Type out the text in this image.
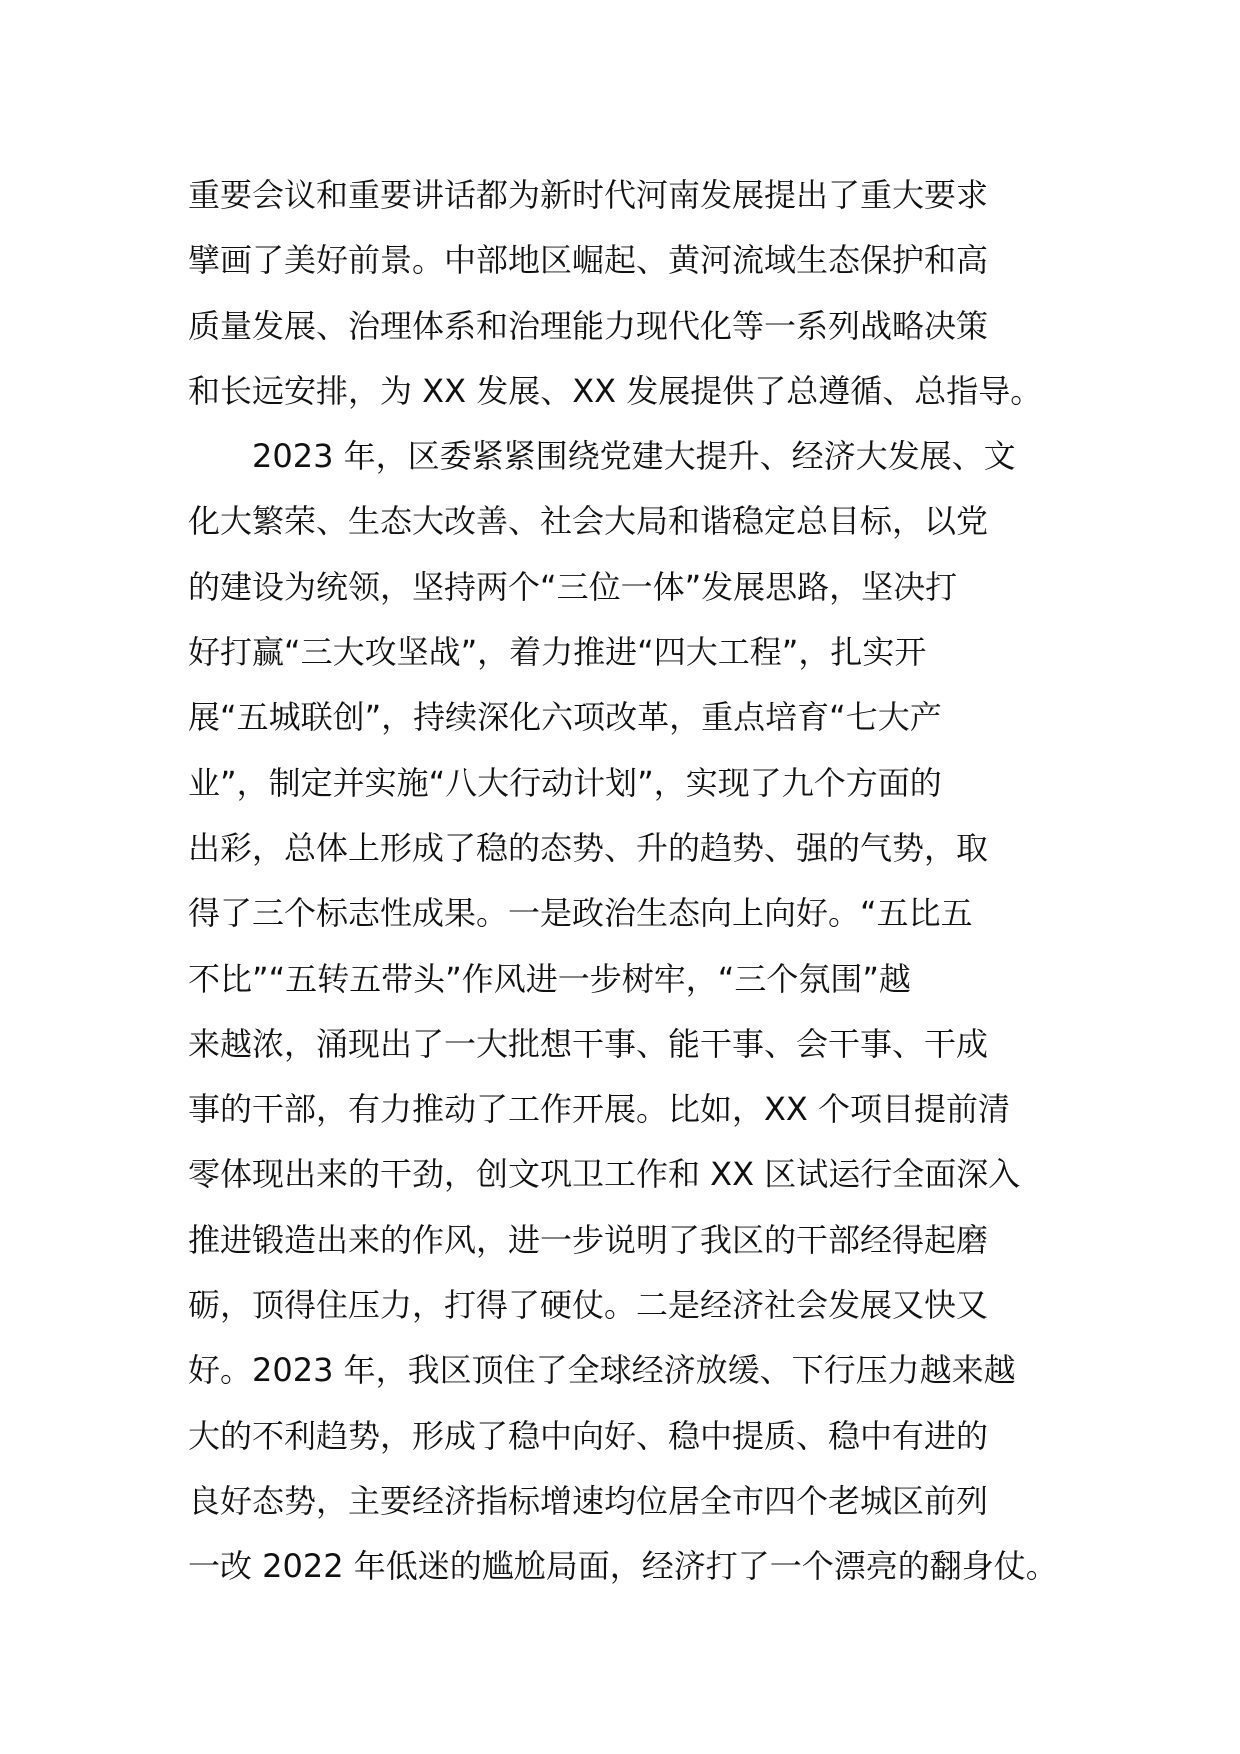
重要会议和重要讲话都为新时代河南发展提出了重大要求
擘画了美好前景。中部地区崛起、黄河流域生态保护和高
质量发展、治理体系和治理能力现代化等一系列战略决策
和长远安排，为 XX 发展、XX 发展提供了总遵循、总指导。
2023 年，区委紧紧围绕党建大提升、经济大发展、文
化大繁荣、生态大改善、社会大局和谐稳定总目标，以党
的建设为统领，坚持两个“三位一体”发展思路，坚决打
好打赢“三大攻坚战”，着力推进“四大工程”，扎实开
展“五城联创”，持续深化六项改革，重点培育“七大产
业”，制定并实施“八大行动计划”，实现了九个方面的
出彩，总体上形成了稳的态势、升的趋势、强的气势，取
得了三个标志性成果。一是政治生态向上向好。“五比五
不比”“五转五带头”作风进一步树牢，“三个氛围”越
来越浓，涌现出了一大批想干事、能干事、会干事、干成
事的干部，有力推动了工作开展。比如，XX 个项目提前清
零体现出来的干劲，创文巩卫工作和 XX 区试运行全面深入
推进锻造出来的作风，进一步说明了我区的干部经得起磨
砺，顶得住压力，打得了硬仗。二是经济社会发展又快又
好。2023 年，我区顶住了全球经济放缓、下行压力越来越
大的不利趋势，形成了稳中向好、稳中提质、稳中有进的
良好态势，主要经济指标增速均位居全市四个老城区前列
一改 2022 年低迷的尴尬局面，经济打了一个漂亮的翻身仗。
